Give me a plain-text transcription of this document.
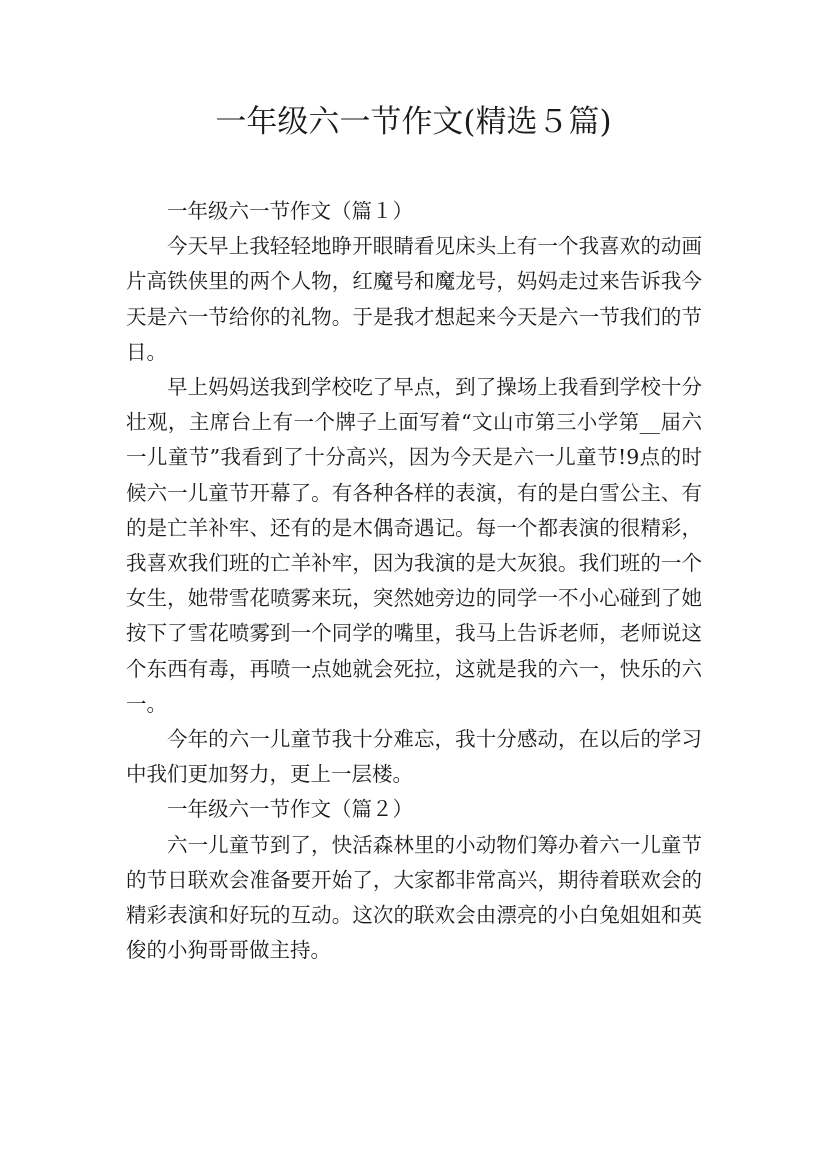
一年级六一节作文(精选５篇)

一年级六一节作文（篇１）

今天早上我轻轻地睁开眼睛看见床头上有一个我喜欢的动画片高铁侠里的两个人物，红魔号和魔龙号，妈妈走过来告诉我今天是六一节给你的礼物。于是我才想起来今天是六一节我们的节日。

早上妈妈送我到学校吃了早点，到了操场上我看到学校十分壮观，主席台上有一个牌子上面写着“文山市第三小学第__届六一儿童节”我看到了十分高兴，因为今天是六一儿童节!9点的时候六一儿童节开幕了。有各种各样的表演，有的是白雪公主、有的是亡羊补牢、还有的是木偶奇遇记。每一个都表演的很精彩，我喜欢我们班的亡羊补牢，因为我演的是大灰狼。我们班的一个女生，她带雪花喷雾来玩，突然她旁边的同学一不小心碰到了她按下了雪花喷雾到一个同学的嘴里，我马上告诉老师，老师说这个东西有毒，再喷一点她就会死拉，这就是我的六一，快乐的六一。

今年的六一儿童节我十分难忘，我十分感动，在以后的学习中我们更加努力，更上一层楼。

一年级六一节作文（篇２）

六一儿童节到了，快活森林里的小动物们筹办着六一儿童节的节日联欢会准备要开始了，大家都非常高兴，期待着联欢会的精彩表演和好玩的互动。这次的联欢会由漂亮的小白兔姐姐和英俊的小狗哥哥做主持。
